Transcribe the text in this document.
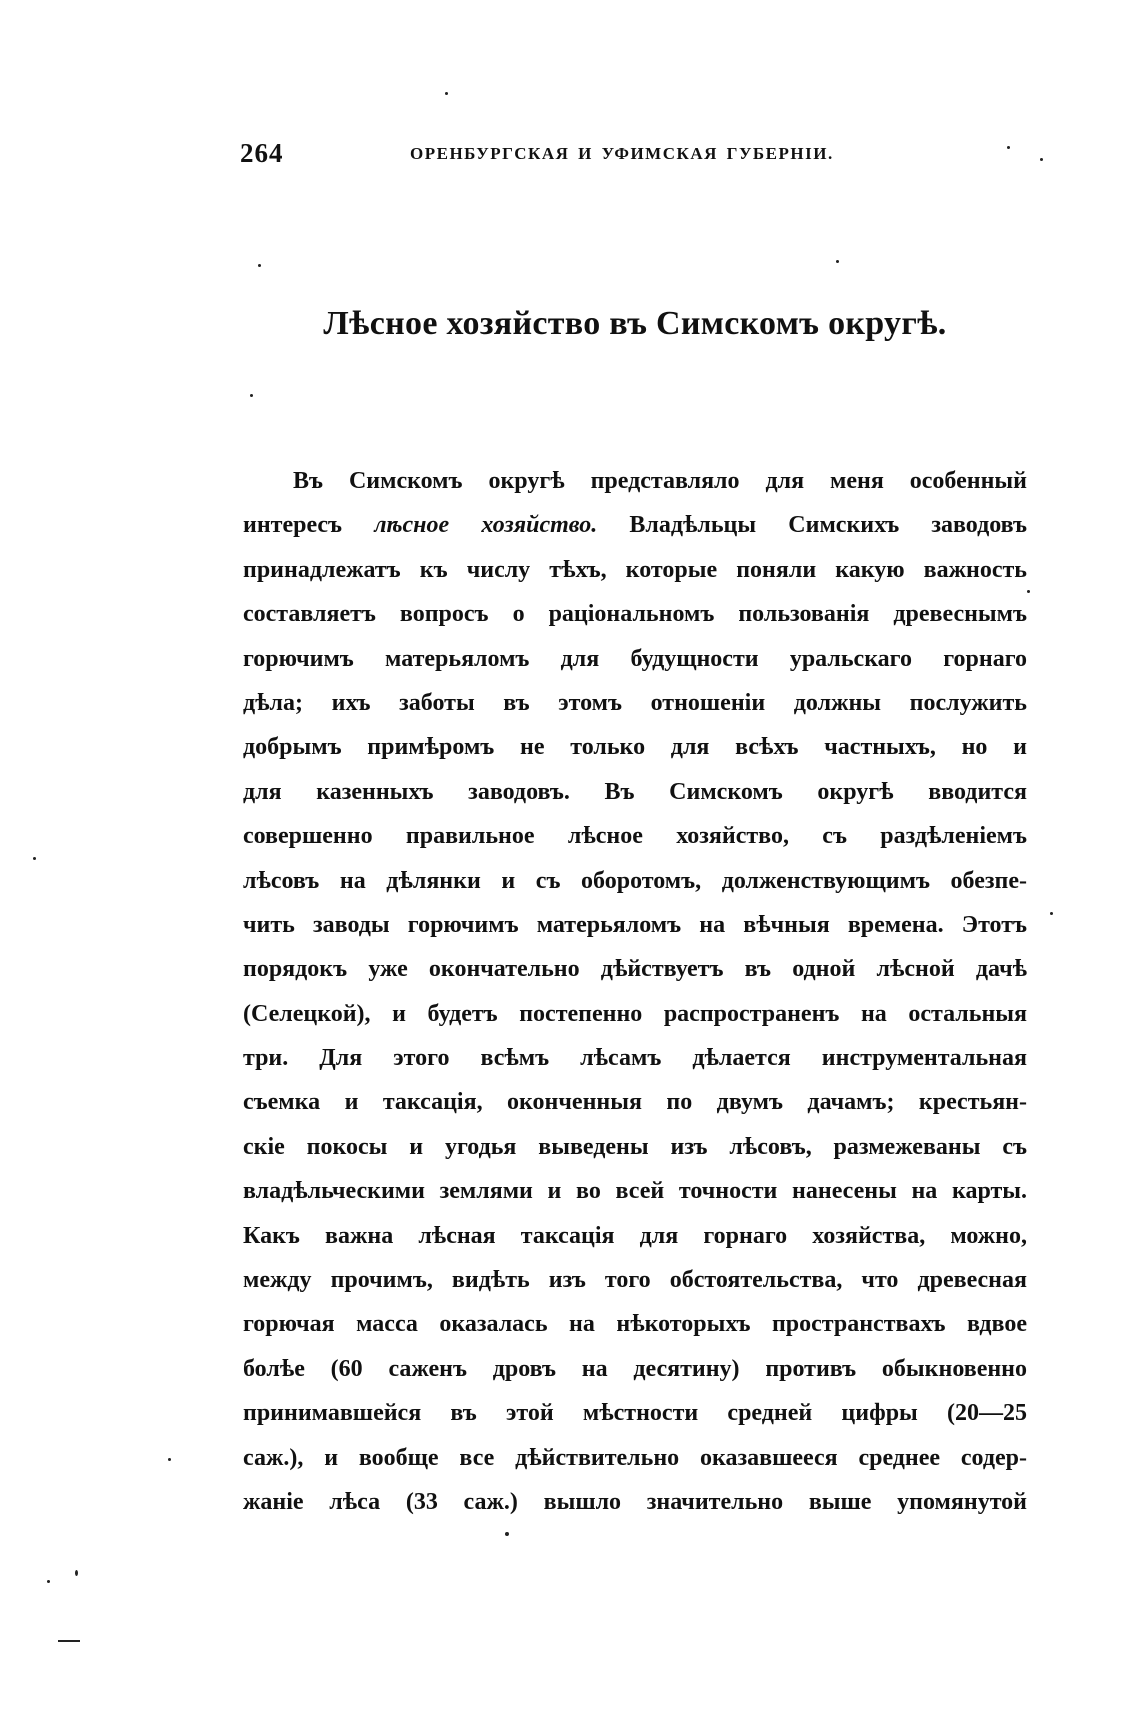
264	ОРЕНБУРГСКАЯ И УФИМСКАЯ ГУБЕРНІИ.
Лѣсное хозяйство въ Симскомъ округѣ.
Въ Симскомъ округѣ представляло для меня особенный
интересъ лѣсное хозяйство. Владѣльцы Симскихъ заводовъ
принадлежатъ къ числу тѣхъ, которые поняли какую важность
составляетъ вопросъ о раціональномъ пользованія древеснымъ
горючимъ матерьяломъ для будущности уральскаго горнаго
дѣла; ихъ заботы въ этомъ отношеніи должны послужить
добрымъ примѣромъ не только для всѣхъ частныхъ, но и
для казенныхъ заводовъ. Въ Симскомъ округѣ вводится
совершенно правильное лѣсное хозяйство, съ раздѣленіемъ
лѣсовъ на дѣлянки и съ оборотомъ, долженствующимъ обезпе-
чить заводы горючимъ матерьяломъ на вѣчныя времена. Этотъ
порядокъ уже окончательно дѣйствуетъ въ одной лѣсной дачѣ
(Селецкой), и будетъ постепенно распространенъ на остальныя
три. Для этого всѣмъ лѣсамъ дѣлается инструментальная
съемка и таксація, оконченныя по двумъ дачамъ; крестьян-
скіе покосы и угодья выведены изъ лѣсовъ, размежеваны съ
владѣльческими землями и во всей точности нанесены на карты.
Какъ важна лѣсная таксація для горнаго хозяйства, можно,
между прочимъ, видѣть изъ того обстоятельства, что древесная
горючая масса оказалась на нѣкоторыхъ пространствахъ вдвое
болѣе (60 саженъ дровъ на десятину) противъ обыкновенно
принимавшейся въ этой мѣстности средней цифры (20—25
саж.), и вообще все дѣйствительно оказавшееся среднее содер-
жаніе лѣса (33 саж.) вышло значительно выше упомянутой
